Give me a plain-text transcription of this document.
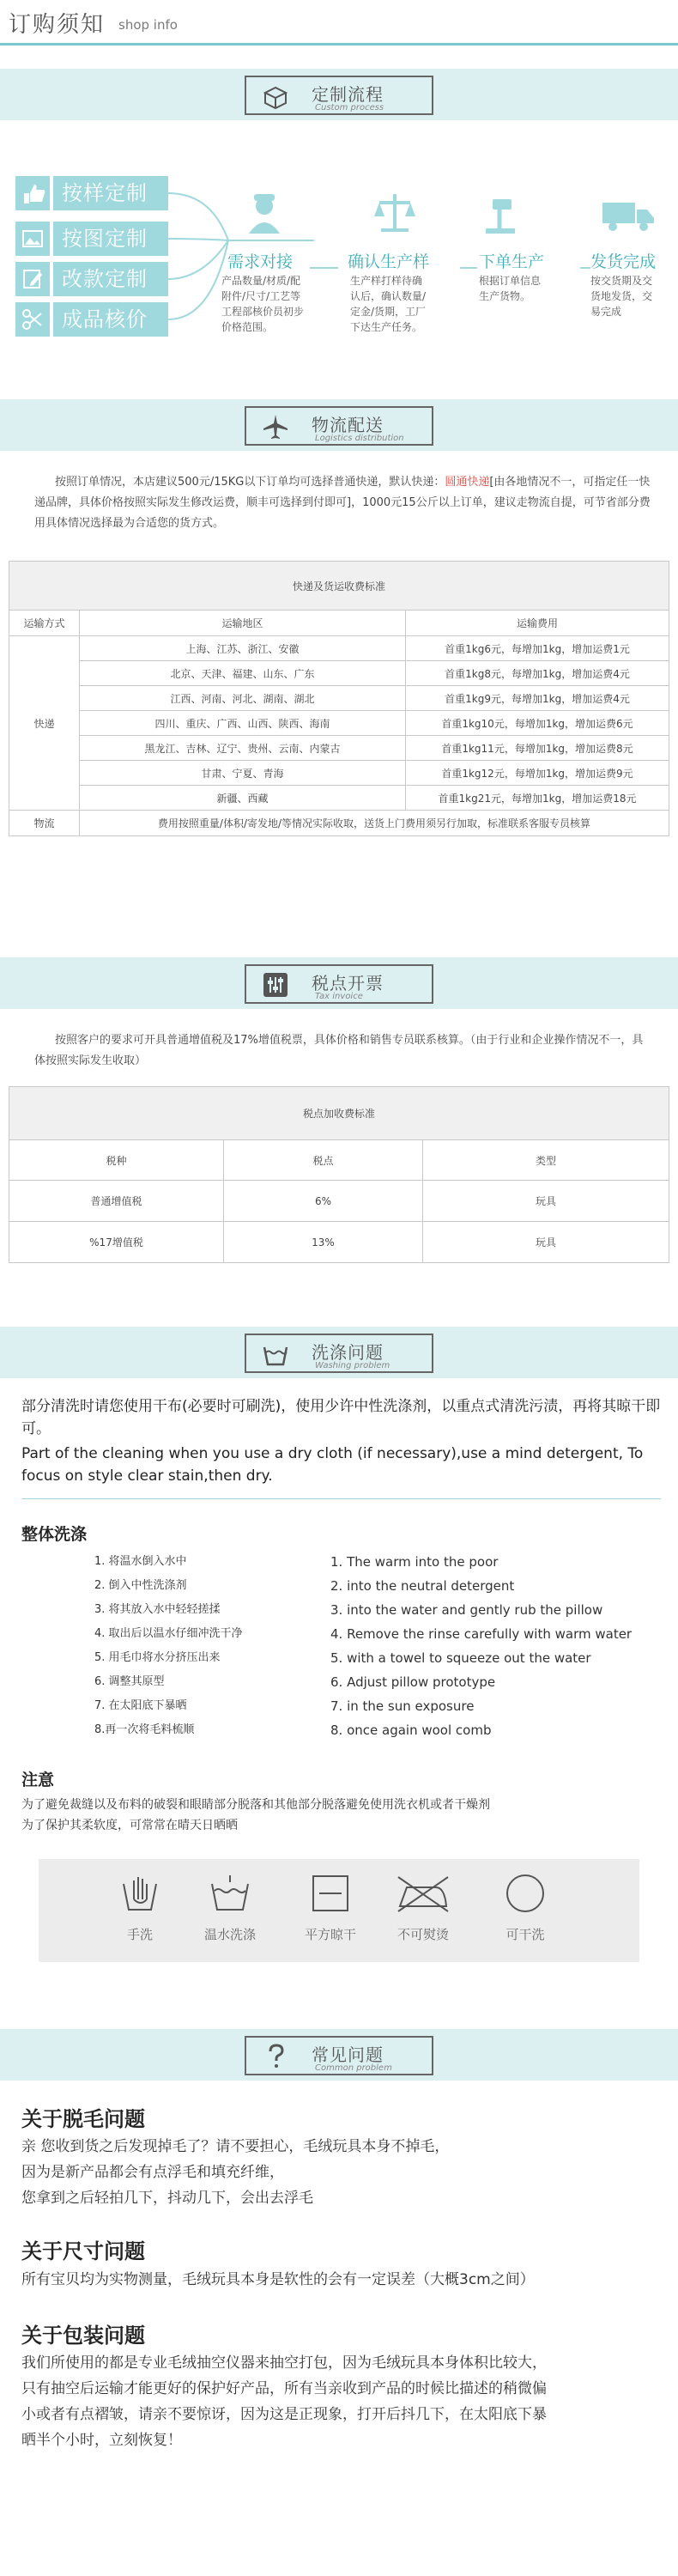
订购须知 shop info
定制流程
Custom process
按样定制
按图定制
改款定制
成品核价
需求对接
产品数量/材质/配
附件/尺寸/工艺等
工程部核价员初步
价格范围。
确认生产样
生产样打样待确
认后，确认数量/
定金/货期，工厂
下达生产任务。
下单生产
根据订单信息
生产货物。
发货完成
按交货期及交
货地发货，交
易完成
物流配送
Logistics distribution
按照订单情况，本店建议500元/15KG以下订单均可选择普通快递，默认快递：圆通快递[由各地情况不一，可指定任一快递品牌，具体价格按照实际发生修改运费，顺丰可选择到付即可]，1000元15公斤以上订单，建议走物流自提，可节省部分费用具体情况选择最为合适您的货方式。
快递及货运收费标准		
运输方式	运输地区	运输费用
快递	上海、江苏、浙江、安徽	首重1kg6元，每增加1kg，增加运费1元
	北京、天津、福建、山东、广东	首重1kg8元，每增加1kg，增加运费4元
	江西、河南、河北、湖南、湖北	首重1kg9元，每增加1kg，增加运费4元
	四川、重庆、广西、山西、陕西、海南	首重1kg10元，每增加1kg，增加运费6元
	黑龙江、吉林、辽宁、贵州、云南、内蒙古	首重1kg11元，每增加1kg，增加运费8元
	甘肃、宁夏、青海	首重1kg12元，每增加1kg，增加运费9元
	新疆、西藏	首重1kg21元，每增加1kg，增加运费18元
物流	费用按照重量/体积/寄发地/等情况实际收取，送货上门费用须另行加取，标准联系客服专员核算	
税点开票
Tax invoice
按照客户的要求可开具普通增值税及17%增值税票，具体价格和销售专员联系核算。（由于行业和企业操作情况不一，具体按照实际发生收取）
税点加收费标准		
税种	税点	类型
普通增值税	6%	玩具
%17增值税	13%	玩具
洗涤问题
Washing problem
部分清洗时请您使用干布(必要时可刷洗)，使用少许中性洗涤剂，以重点式清洗污渍，再将其晾干即可。
Part of the cleaning when you use a dry cloth (if necessary),use a mind detergent, To focus on style clear stain,then dry.
整体洗涤
1. 将温水倒入水中
2. 倒入中性洗涤剂
3. 将其放入水中轻轻搓揉
4. 取出后以温水仔细冲洗干净
5. 用毛巾将水分挤压出来
6. 调整其原型
7. 在太阳底下暴晒
8.再一次将毛料梳顺
1. The warm into the poor
2. into the neutral detergent
3. into the water and gently rub the pillow
4. Remove the rinse carefully with warm water
5. with a towel to squeeze out the water
6. Adjust pillow prototype
7. in the sun exposure
8. once again wool comb
注意
为了避免裁缝以及布料的破裂和眼睛部分脱落和其他部分脱落避免使用洗衣机或者干燥剂
为了保护其柔软度，可常常在晴天日晒晒
手洗	温水洗涤	平方晾干	不可熨烫	可干洗
常见问题
Common problem
关于脱毛问题
亲 您收到货之后发现掉毛了？请不要担心，毛绒玩具本身不掉毛，
因为是新产品都会有点浮毛和填充纤维，
您拿到之后轻拍几下，抖动几下，会出去浮毛
关于尺寸问题
所有宝贝均为实物测量，毛绒玩具本身是软性的会有一定误差（大概3cm之间）
关于包装问题
我们所使用的都是专业毛绒抽空仪器来抽空打包，因为毛绒玩具本身体积比较大，
只有抽空后运输才能更好的保护好产品，所有当亲收到产品的时候比描述的稍微偏
小或者有点褶皱，请亲不要惊讶，因为这是正现象，打开后抖几下，在太阳底下暴
晒半个小时，立刻恢复！
